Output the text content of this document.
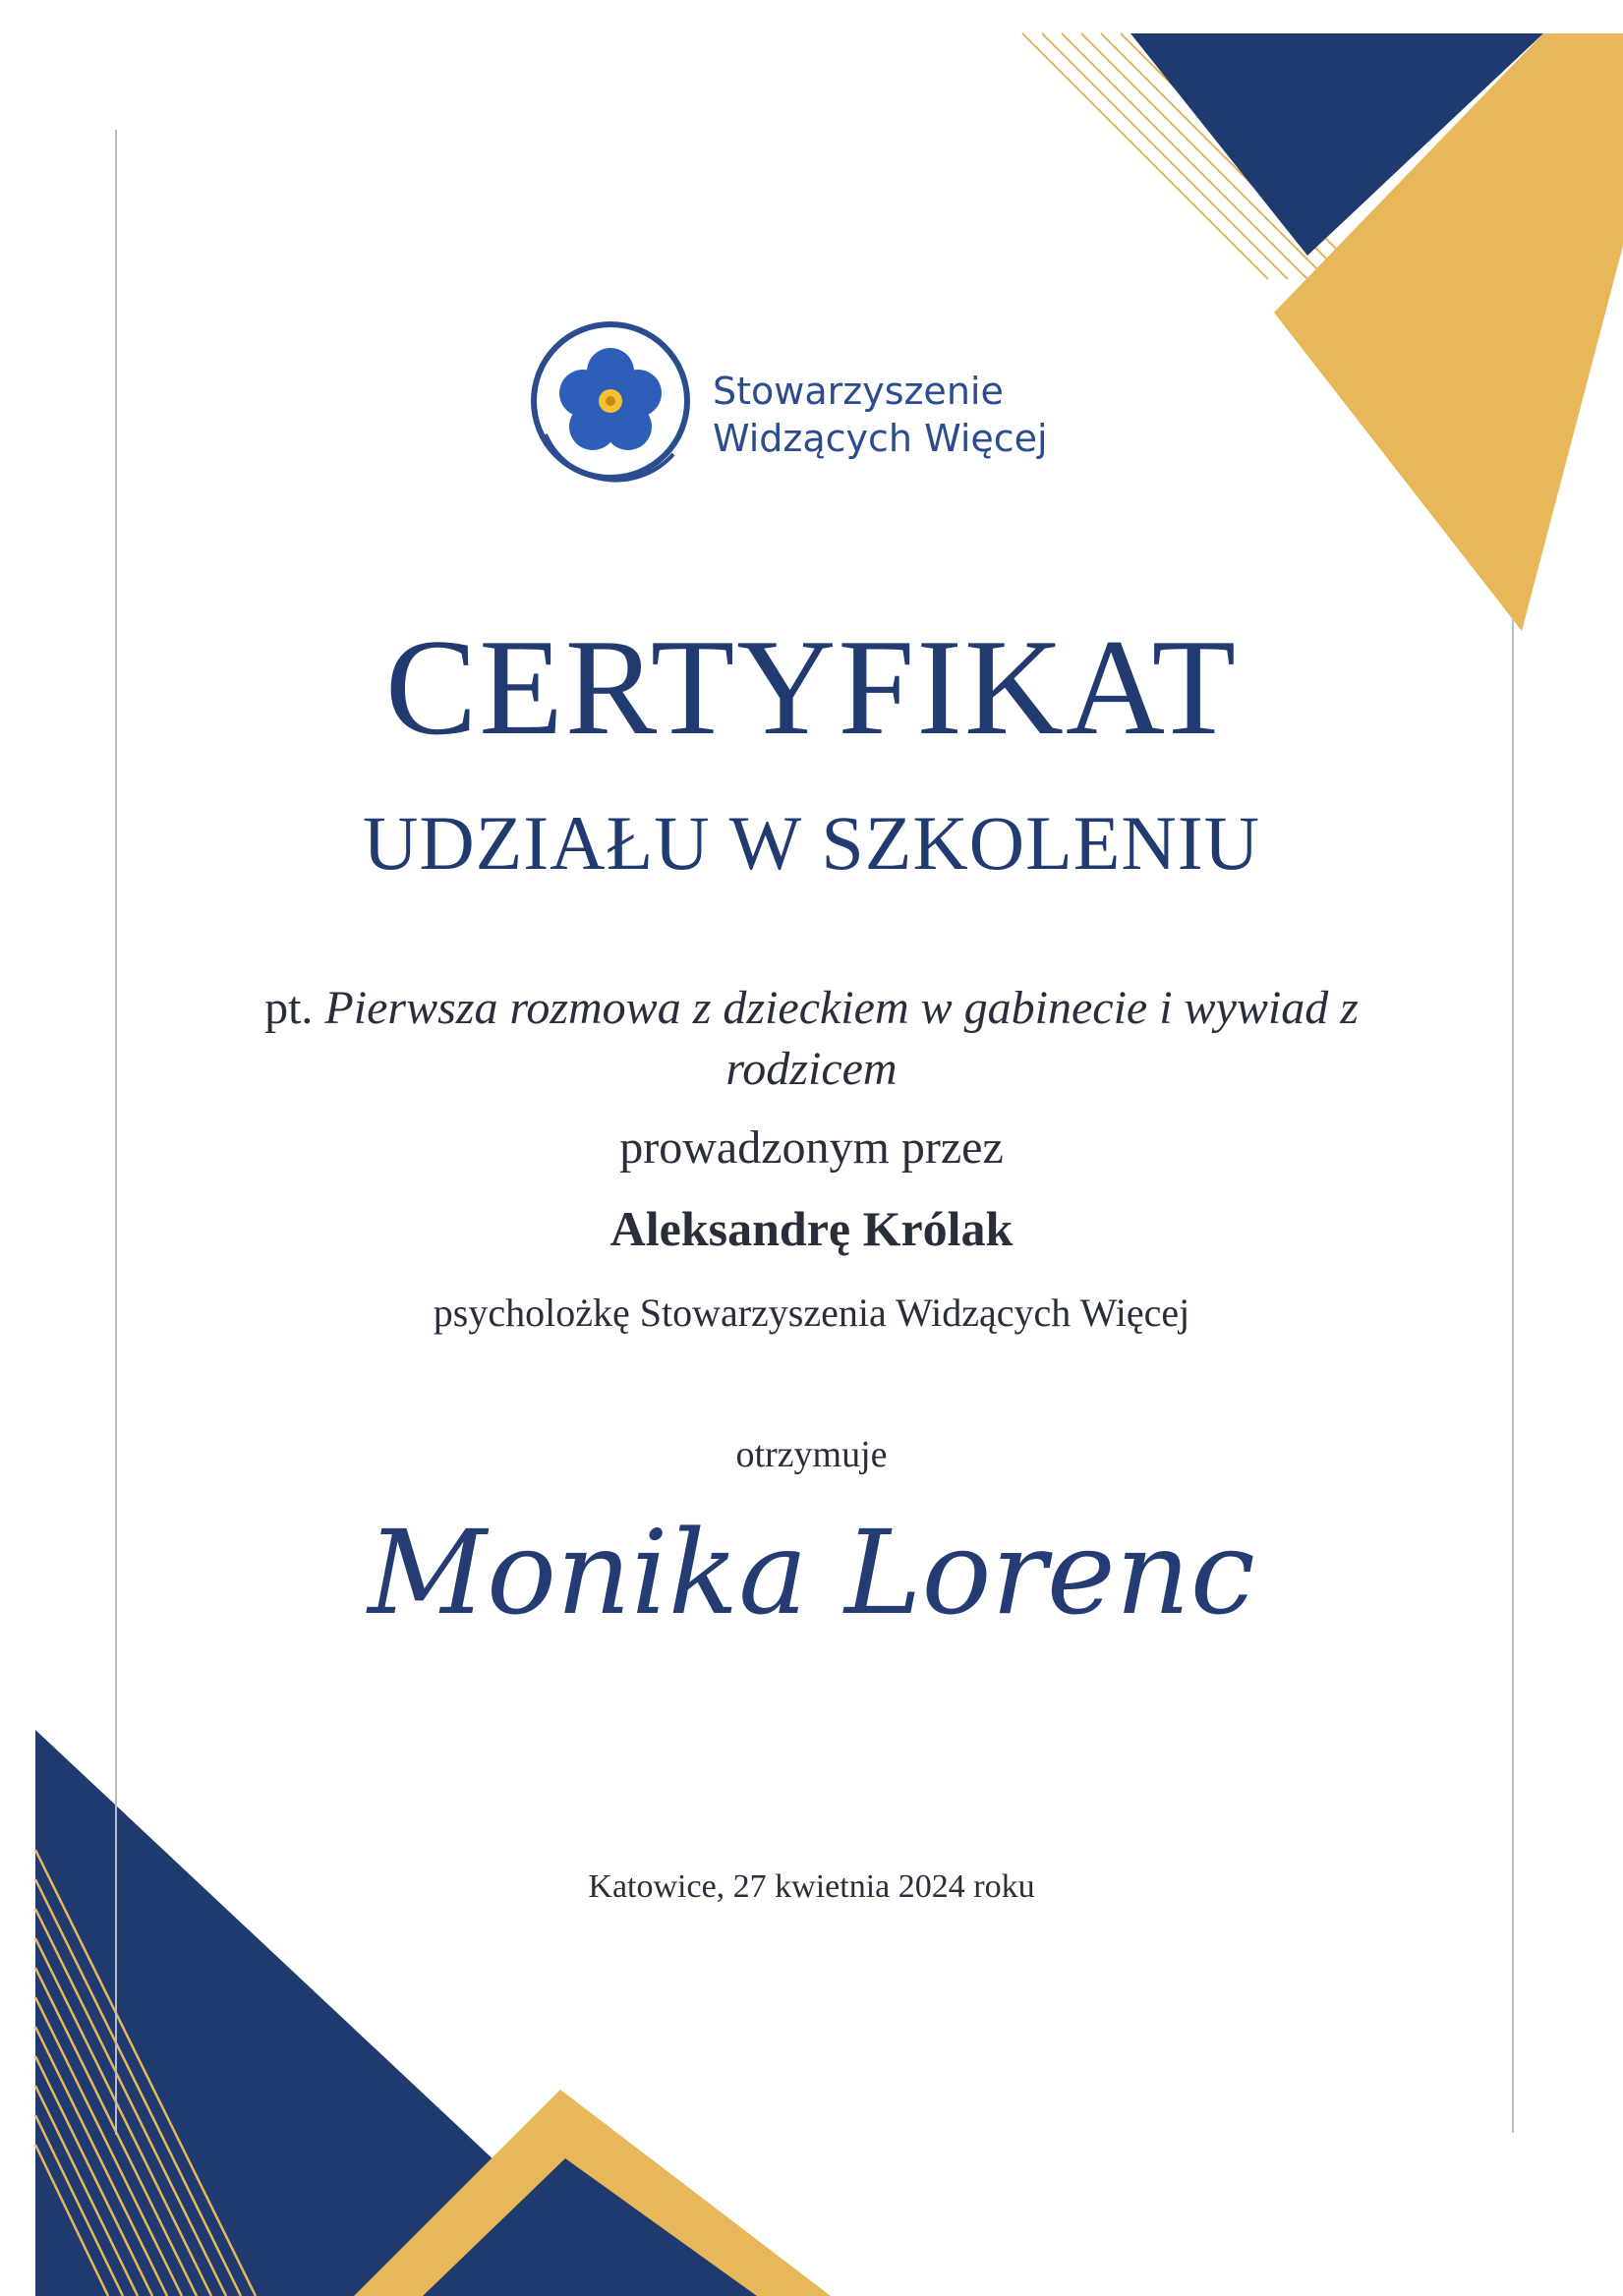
Stowarzyszenie
Widzących Więcej
CERTYFIKAT
UDZIAŁU W SZKOLENIU
pt. Pierwsza rozmowa z dzieckiem w gabinecie i wywiad z
rodzicem
prowadzonym przez
Aleksandrę Królak
psycholożkę Stowarzyszenia Widzących Więcej
otrzymuje
Monika Lorenc
Katowice, 27 kwietnia 2024 roku
